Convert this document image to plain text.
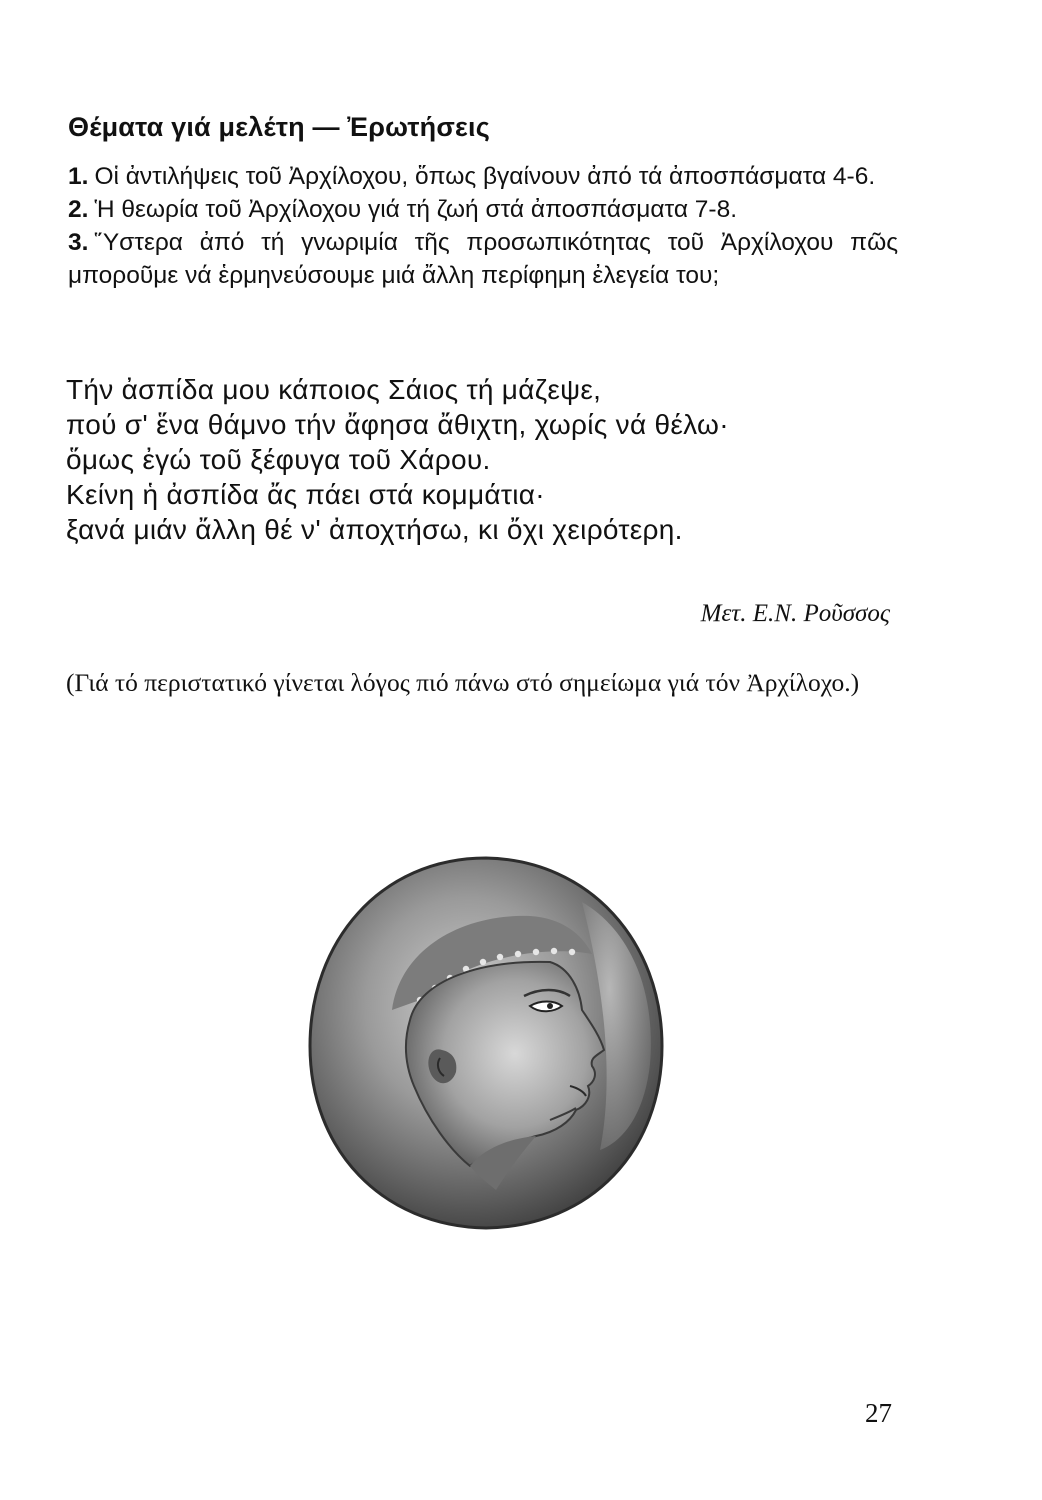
Θέματα γιά μελέτη — Ἐρωτήσεις

1. Οἱ ἀντιλήψεις τοῦ Ἀρχίλοχου, ὅπως βγαίνουν ἀπό τά ἀποσπάσματα 4-6.

2. Ἡ θεωρία τοῦ Ἀρχίλοχου γιά τή ζωή στά ἀποσπάσματα 7-8.

3. Ὕστερα ἀπό τή γνωριμία τῆς προσωπικότητας τοῦ Ἀρχίλοχου πῶς μποροῦμε νά ἑρμηνεύσουμε μιά ἄλλη περίφημη ἐλεγεία του;

Τήν ἀσπίδα μου κάποιος Σάιος τή μάζεψε,
πού σ' ἕνα θάμνο τήν ἄφησα ἄθιχτη, χωρίς νά θέλω·
ὅμως ἐγώ τοῦ ξέφυγα τοῦ Χάρου.
Κείνη ἡ ἀσπίδα ἄς πάει στά κομμάτια·
ξανά μιάν ἄλλη θέ ν' ἀποχτήσω, κι ὄχι χειρότερη.
Μετ. Ε.Ν. Ροῦσσος

(Γιά τό περιστατικό γίνεται λόγος πιό πάνω στό σημείωμα γιά τόν Ἀρχίλοχο.)

27
